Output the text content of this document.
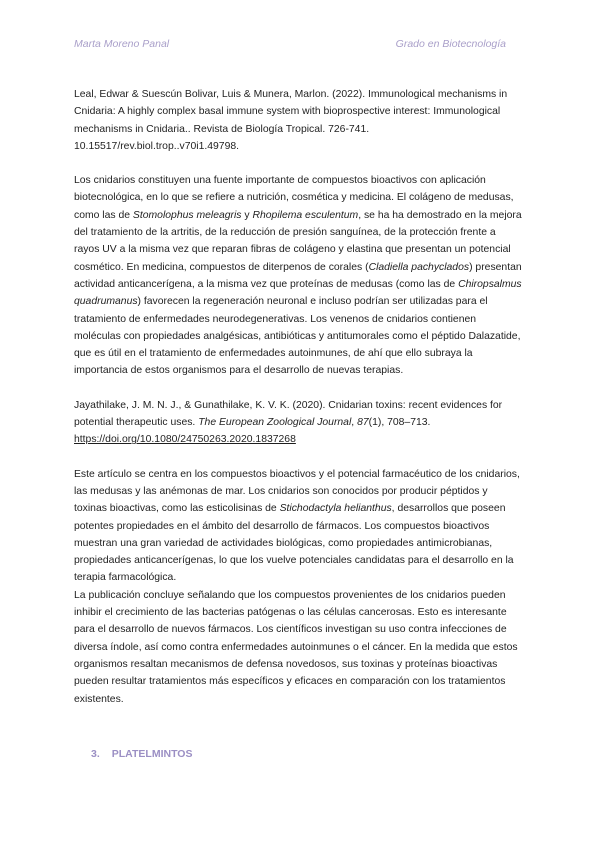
Marta Moreno Panal	Grado en Biotecnología

Leal, Edwar & Suescún Bolivar, Luis & Munera, Marlon. (2022). Immunological mechanisms in Cnidaria: A highly complex basal immune system with bioprospective interest: Immunological mechanisms in Cnidaria.. Revista de Biología Tropical. 726-741. 10.15517/rev.biol.trop..v70i1.49798.

Los cnidarios constituyen una fuente importante de compuestos bioactivos con aplicación biotecnológica, en lo que se refiere a nutrición, cosmética y medicina. El colágeno de medusas, como las de Stomolophus meleagris y Rhopilema esculentum, se ha ha demostrado en la mejora del tratamiento de la artritis, de la reducción de presión sanguínea, de la protección frente a rayos UV a la misma vez que reparan fibras de colágeno y elastina que presentan un potencial cosmético. En medicina, compuestos de diterpenos de corales (Cladiella pachyclados) presentan actividad anticancerígena, a la misma vez que proteínas de medusas (como las de Chiropsalmus quadrumanus) favorecen la regeneración neuronal e incluso podrían ser utilizadas para el tratamiento de enfermedades neurodegenerativas. Los venenos de cnidarios contienen moléculas con propiedades analgésicas, antibióticas y antitumorales como el péptido Dalazatide, que es útil en el tratamiento de enfermedades autoinmunes, de ahí que ello subraya la importancia de estos organismos para el desarrollo de nuevas terapias.

Jayathilake, J. M. N. J., & Gunathilake, K. V. K. (2020). Cnidarian toxins: recent evidences for potential therapeutic uses. The European Zoological Journal, 87(1), 708–713. https://doi.org/10.1080/24750263.2020.1837268

Este artículo se centra en los compuestos bioactivos y el potencial farmacéutico de los cnidarios, las medusas y las anémonas de mar. Los cnidarios son conocidos por producir péptidos y toxinas bioactivas, como las esticolisinas de Stichodactyla helianthus, desarrollos que poseen potentes propiedades en el ámbito del desarrollo de fármacos. Los compuestos bioactivos muestran una gran variedad de actividades biológicas, como propiedades antimicrobianas, propiedades anticancerígenas, lo que los vuelve potenciales candidatas para el desarrollo en la terapia farmacológica.

La publicación concluye señalando que los compuestos provenientes de los cnidarios pueden inhibir el crecimiento de las bacterias patógenas o las células cancerosas. Esto es interesante para el desarrollo de nuevos fármacos. Los científicos investigan su uso contra infecciones de diversa índole, así como contra enfermedades autoinmunes o el cáncer. En la medida que estos organismos resaltan mecanismos de defensa novedosos, sus toxinas y proteínas bioactivas pueden resultar tratamientos más específicos y eficaces en comparación con los tratamientos existentes.

3. PLATELMINTOS
